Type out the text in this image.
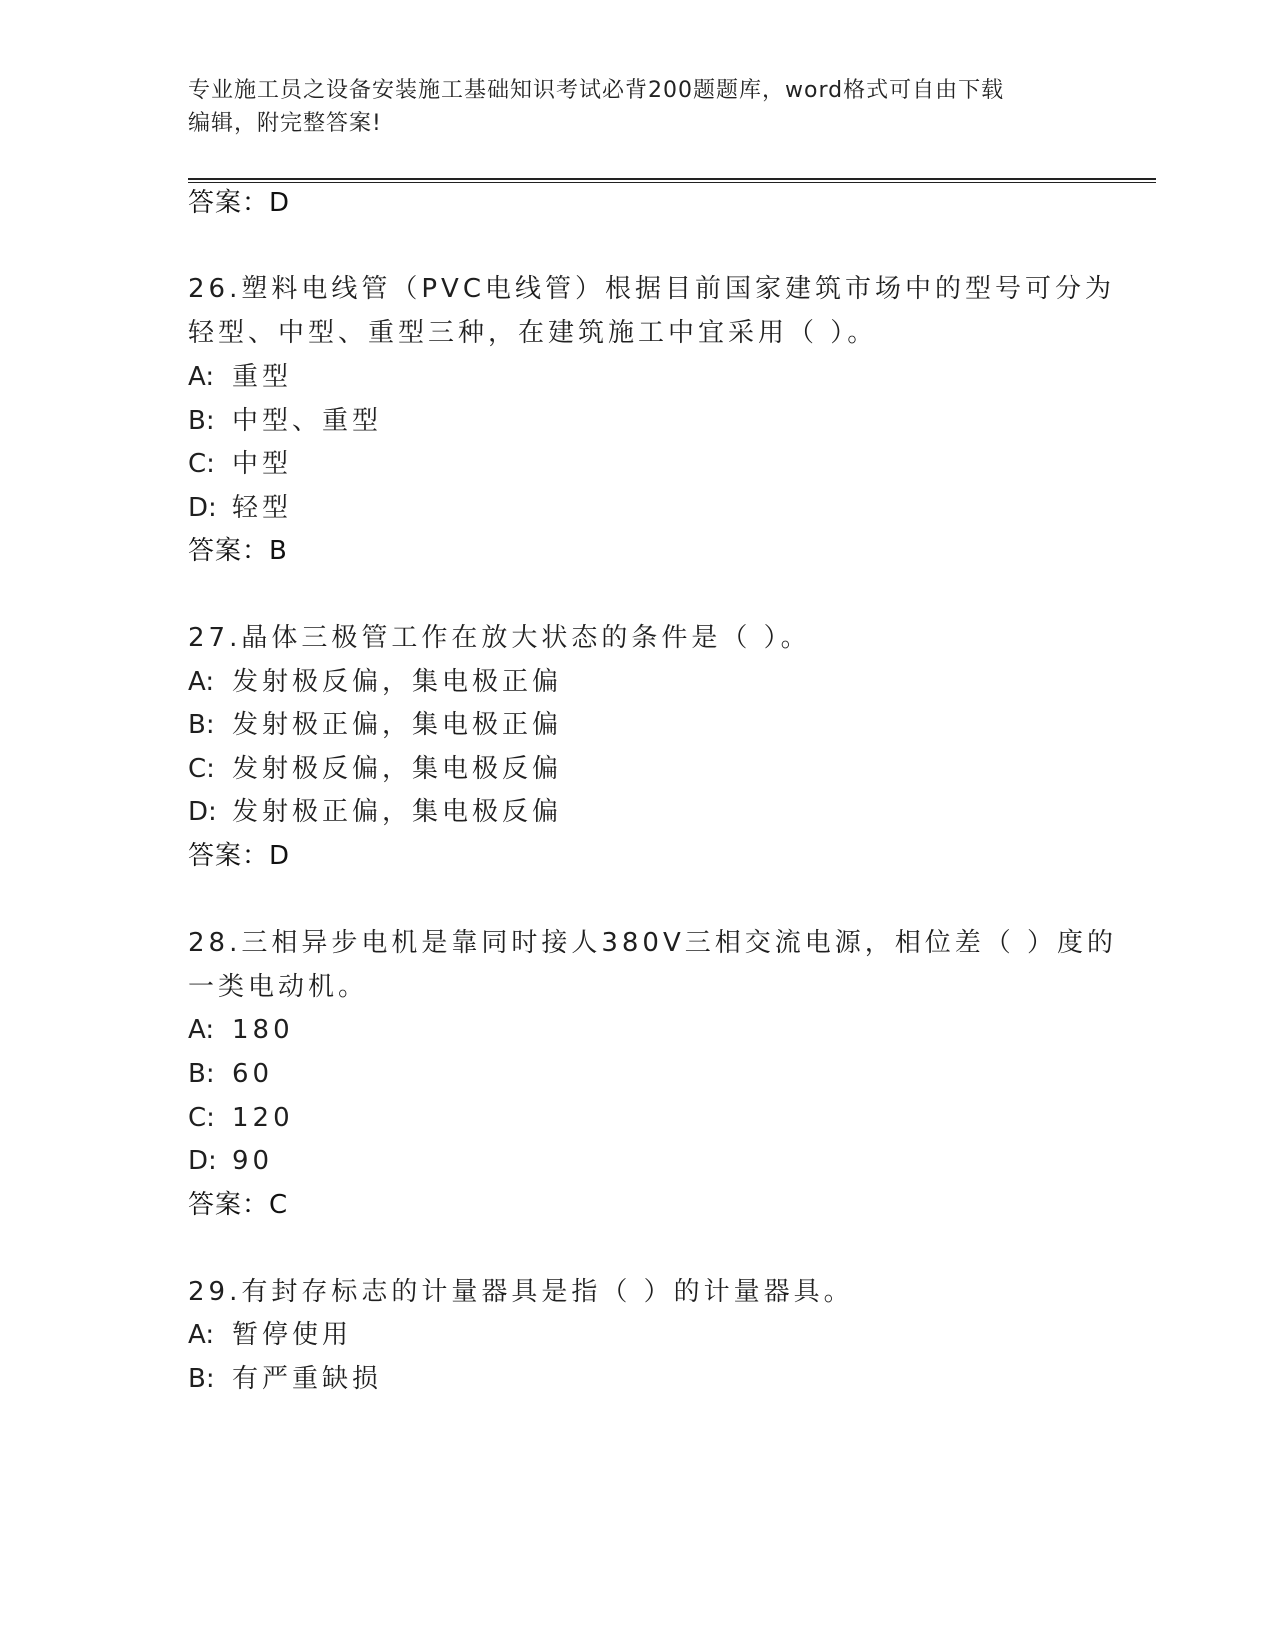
专业施工员之设备安装施工基础知识考试必背200题题库，word格式可自由下载
编辑，附完整答案!
答案：D
26.塑料电线管（PVC电线管）根据目前国家建筑市场中的型号可分为
轻型、中型、重型三种，在建筑施工中宜采用（ ）。
A: 重型
B: 中型、重型
C: 中型
D: 轻型
答案：B
27.晶体三极管工作在放大状态的条件是（ ）。
A: 发射极反偏，集电极正偏
B: 发射极正偏，集电极正偏
C: 发射极反偏，集电极反偏
D: 发射极正偏，集电极反偏
答案：D
28.三相异步电机是靠同时接人380V三相交流电源，相位差（ ）度的
一类电动机。
A: 180
B: 60
C: 120
D: 90
答案：C
29.有封存标志的计量器具是指（ ）的计量器具。
A: 暂停使用
B: 有严重缺损
